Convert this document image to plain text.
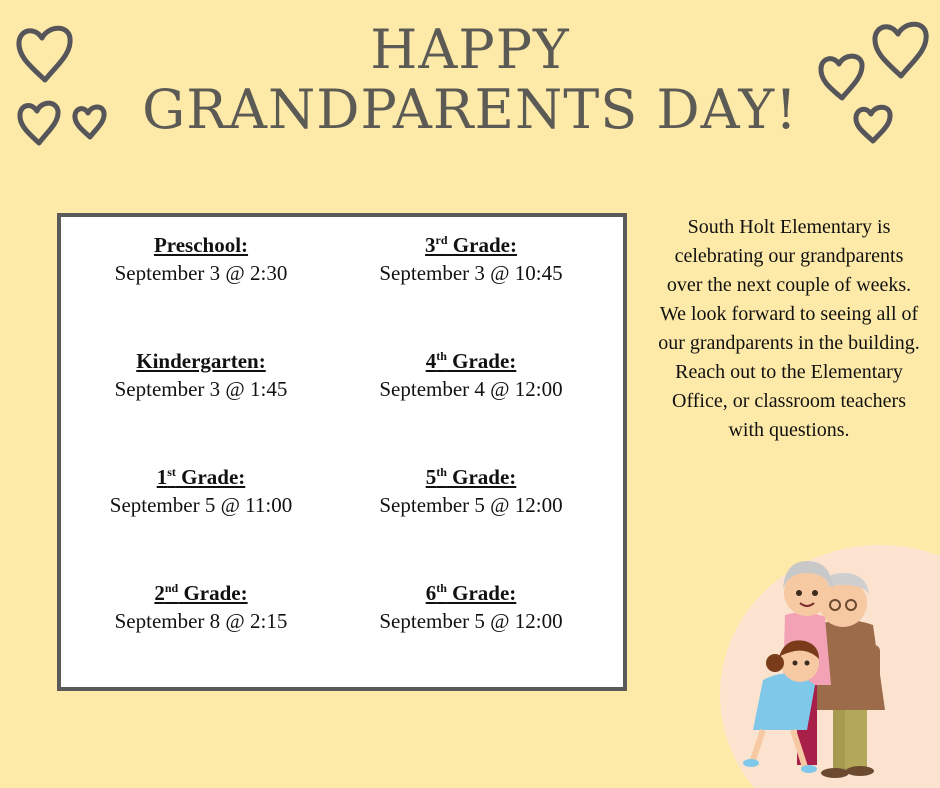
HAPPY
GRANDPARENTS DAY!
Preschool:
September 3 @ 2:30
3rd Grade:
September 3 @ 10:45
Kindergarten:
September 3 @ 1:45
4th Grade:
September 4 @ 12:00
1st Grade:
September 5 @ 11:00
5th Grade:
September 5 @ 12:00
2nd Grade:
September 8 @ 2:15
6th Grade:
September 5 @ 12:00
South Holt Elementary is celebrating our grandparents over the next couple of weeks. We look forward to seeing all of our grandparents in the building. Reach out to the Elementary Office, or classroom teachers with questions.
